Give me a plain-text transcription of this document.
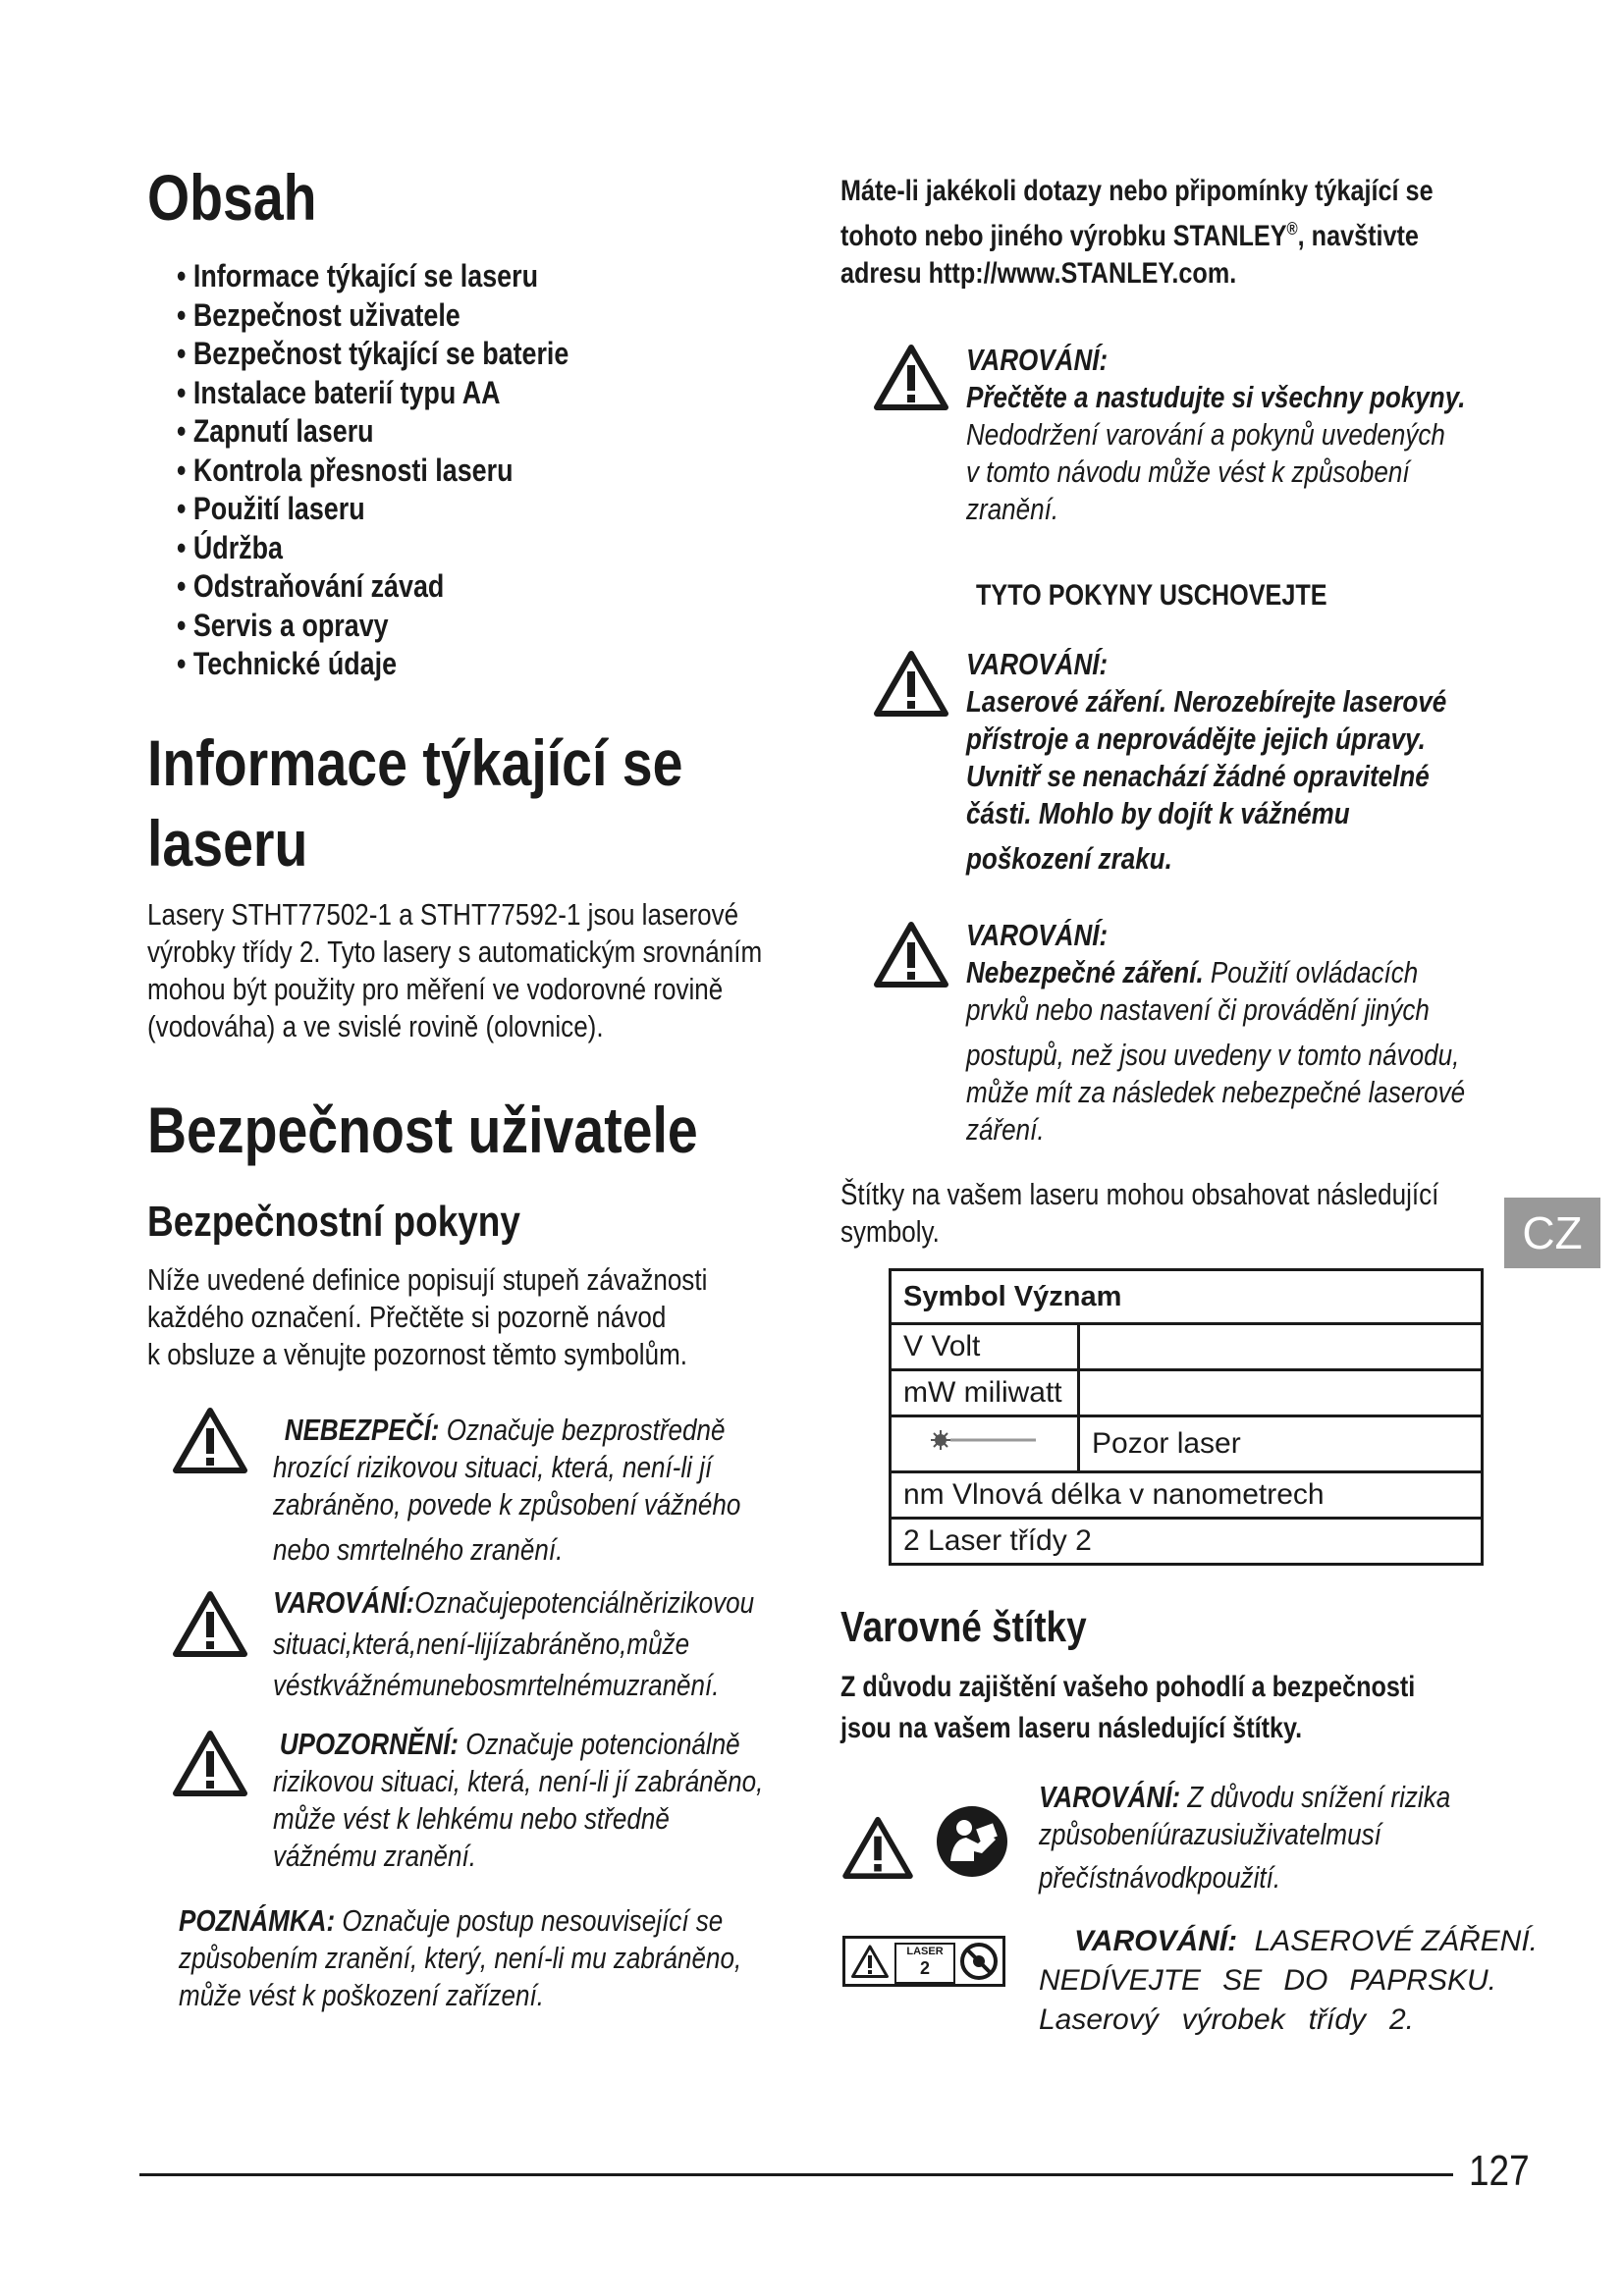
Obsah
• Informace týkající se laseru
• Bezpečnost uživatele
• Bezpečnost týkající se baterie
• Instalace baterií typu AA
• Zapnutí laseru
• Kontrola přesnosti laseru
• Použití laseru
• Údržba
• Odstraňování závad
• Servis a opravy
• Technické údaje
Informace týkající se
laseru
Lasery STHT77502-1 a STHT77592-1 jsou laserové
výrobky třídy 2. Tyto lasery s automatickým srovnáním
mohou být použity pro měření ve vodorovné rovině
(vodováha) a ve svislé rovině (olovnice).
Bezpečnost uživatele
Bezpečnostní pokyny
Níže uvedené definice popisují stupeň závažnosti
každého označení. Přečtěte si pozorně návod
k obsluze a věnujte pozornost těmto symbolům.
NEBEZPEČÍ: Označuje bezprostředně
hrozící rizikovou situaci, která, není-li jí
zabráněno, povede k způsobení vážného
nebo smrtelného zranění.
VAROVÁNÍ:Označujepotenciálněrizikovou
situaci,která,není-lijízabráněno,může
véstkvážnémunebosmrtelnémuzranění.
UPOZORNĚNÍ: Označuje potencionálně
rizikovou situaci, která, není-li jí zabráněno,
může vést k lehkému nebo středně
vážnému zranění.
POZNÁMKA: Označuje postup nesouvisející se
způsobením zranění, který, není-li mu zabráněno,
může vést k poškození zařízení.
Máte-li jakékoli dotazy nebo připomínky týkající se
tohoto nebo jiného výrobku STANLEY®, navštivte
adresu http://www.STANLEY.com.
VAROVÁNÍ:
Přečtěte a nastudujte si všechny pokyny.
Nedodržení varování a pokynů uvedených
v tomto návodu může vést k způsobení
zranění.
TYTO POKYNY USCHOVEJTE
VAROVÁNÍ:
Laserové záření. Nerozebírejte laserové
přístroje a neprovádějte jejich úpravy.
Uvnitř se nenachází žádné opravitelné
části. Mohlo by dojít k vážnému
poškození zraku.
VAROVÁNÍ:
Nebezpečné záření. Použití ovládacích
prvků nebo nastavení či provádění jiných
postupů, než jsou uvedeny v tomto návodu,
může mít za následek nebezpečné laserové
záření.
Štítky na vašem laseru mohou obsahovat následující
symboly.
Symbol Význam	
V Volt	
mW miliwatt	
	Pozor laser
nm Vlnová délka v nanometrech	
2 Laser třídy 2	
Varovné štítky
Z důvodu zajištění vašeho pohodlí a bezpečnosti
jsou na vašem laseru následující štítky.
VAROVÁNÍ: Z důvodu snížení rizika
způsobeníúrazusiuživatelmusí
přečístnávodkpoužití.
LASER
2
VAROVÁNÍ: LASEROVÉ ZÁŘENÍ.
NEDÍVEJTE SE DO PAPRSKU.
Laserový výrobek třídy 2.
CZ
127
